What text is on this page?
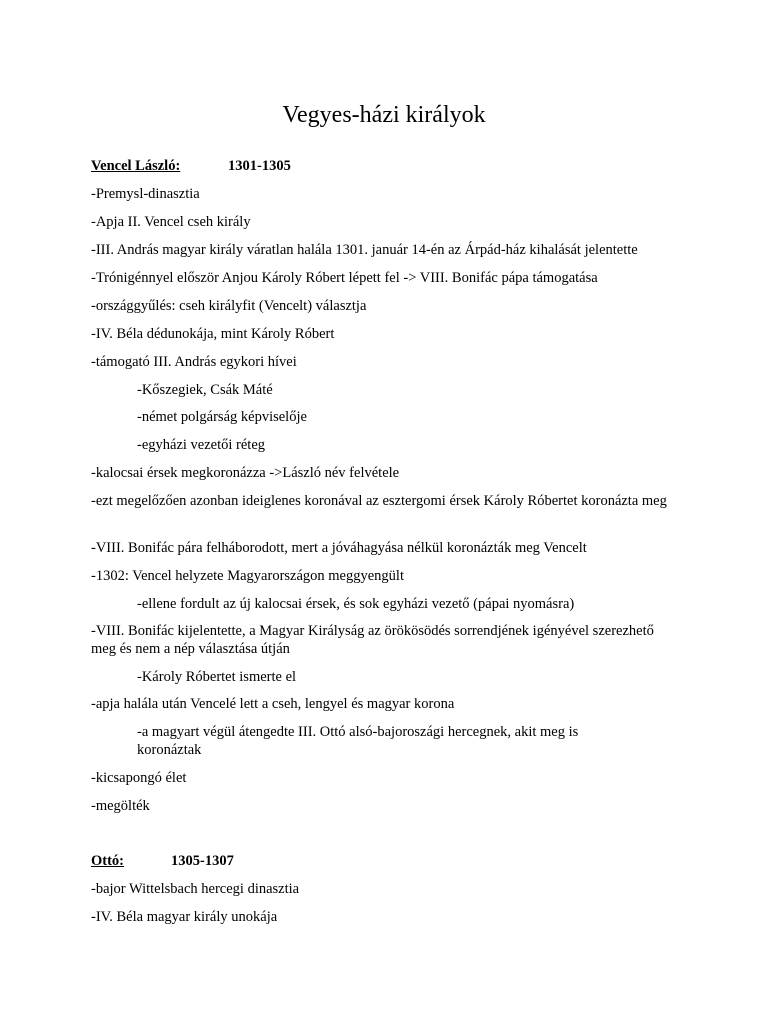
Vegyes-házi királyok
Vencel László:	1301-1305

-Premysl-dinasztia

-Apja II. Vencel cseh király

-III. András magyar király váratlan halála 1301. január 14-én az Árpád-ház kihalását jelentette

-Trónigénnyel először Anjou Károly Róbert lépett fel -> VIII. Bonifác pápa támogatása

-országgyűlés: cseh királyfit (Vencelt) választja

-IV. Béla dédunokája, mint Károly Róbert

-támogató III. András egykori hívei

-Kőszegiek, Csák Máté

-német polgárság képviselője

-egyházi vezetői réteg

-kalocsai érsek megkoronázza ->László név felvétele

-ezt megelőzően azonban ideiglenes koronával az esztergomi érsek Károly Róbertet koronázta meg

-VIII. Bonifác pára felháborodott, mert a jóváhagyása nélkül koronázták meg Vencelt

-1302: Vencel helyzete Magyarországon meggyengült

-ellene fordult az új kalocsai érsek, és sok egyházi vezető (pápai nyomásra)

-VIII. Bonifác kijelentette, a Magyar Királyság az örökösödés sorrendjének igényével szerezhető meg és nem a nép választása útján

-Károly Róbertet ismerte el

-apja halála után Vencelé lett a cseh, lengyel és magyar korona

-a magyart végül átengedte III. Ottó alsó-bajoroszági hercegnek, akit meg is koronáztak

-kicsapongó élet

-megölték

Ottó:	1305-1307

-bajor Wittelsbach hercegi dinasztia

-IV. Béla magyar király unokája
